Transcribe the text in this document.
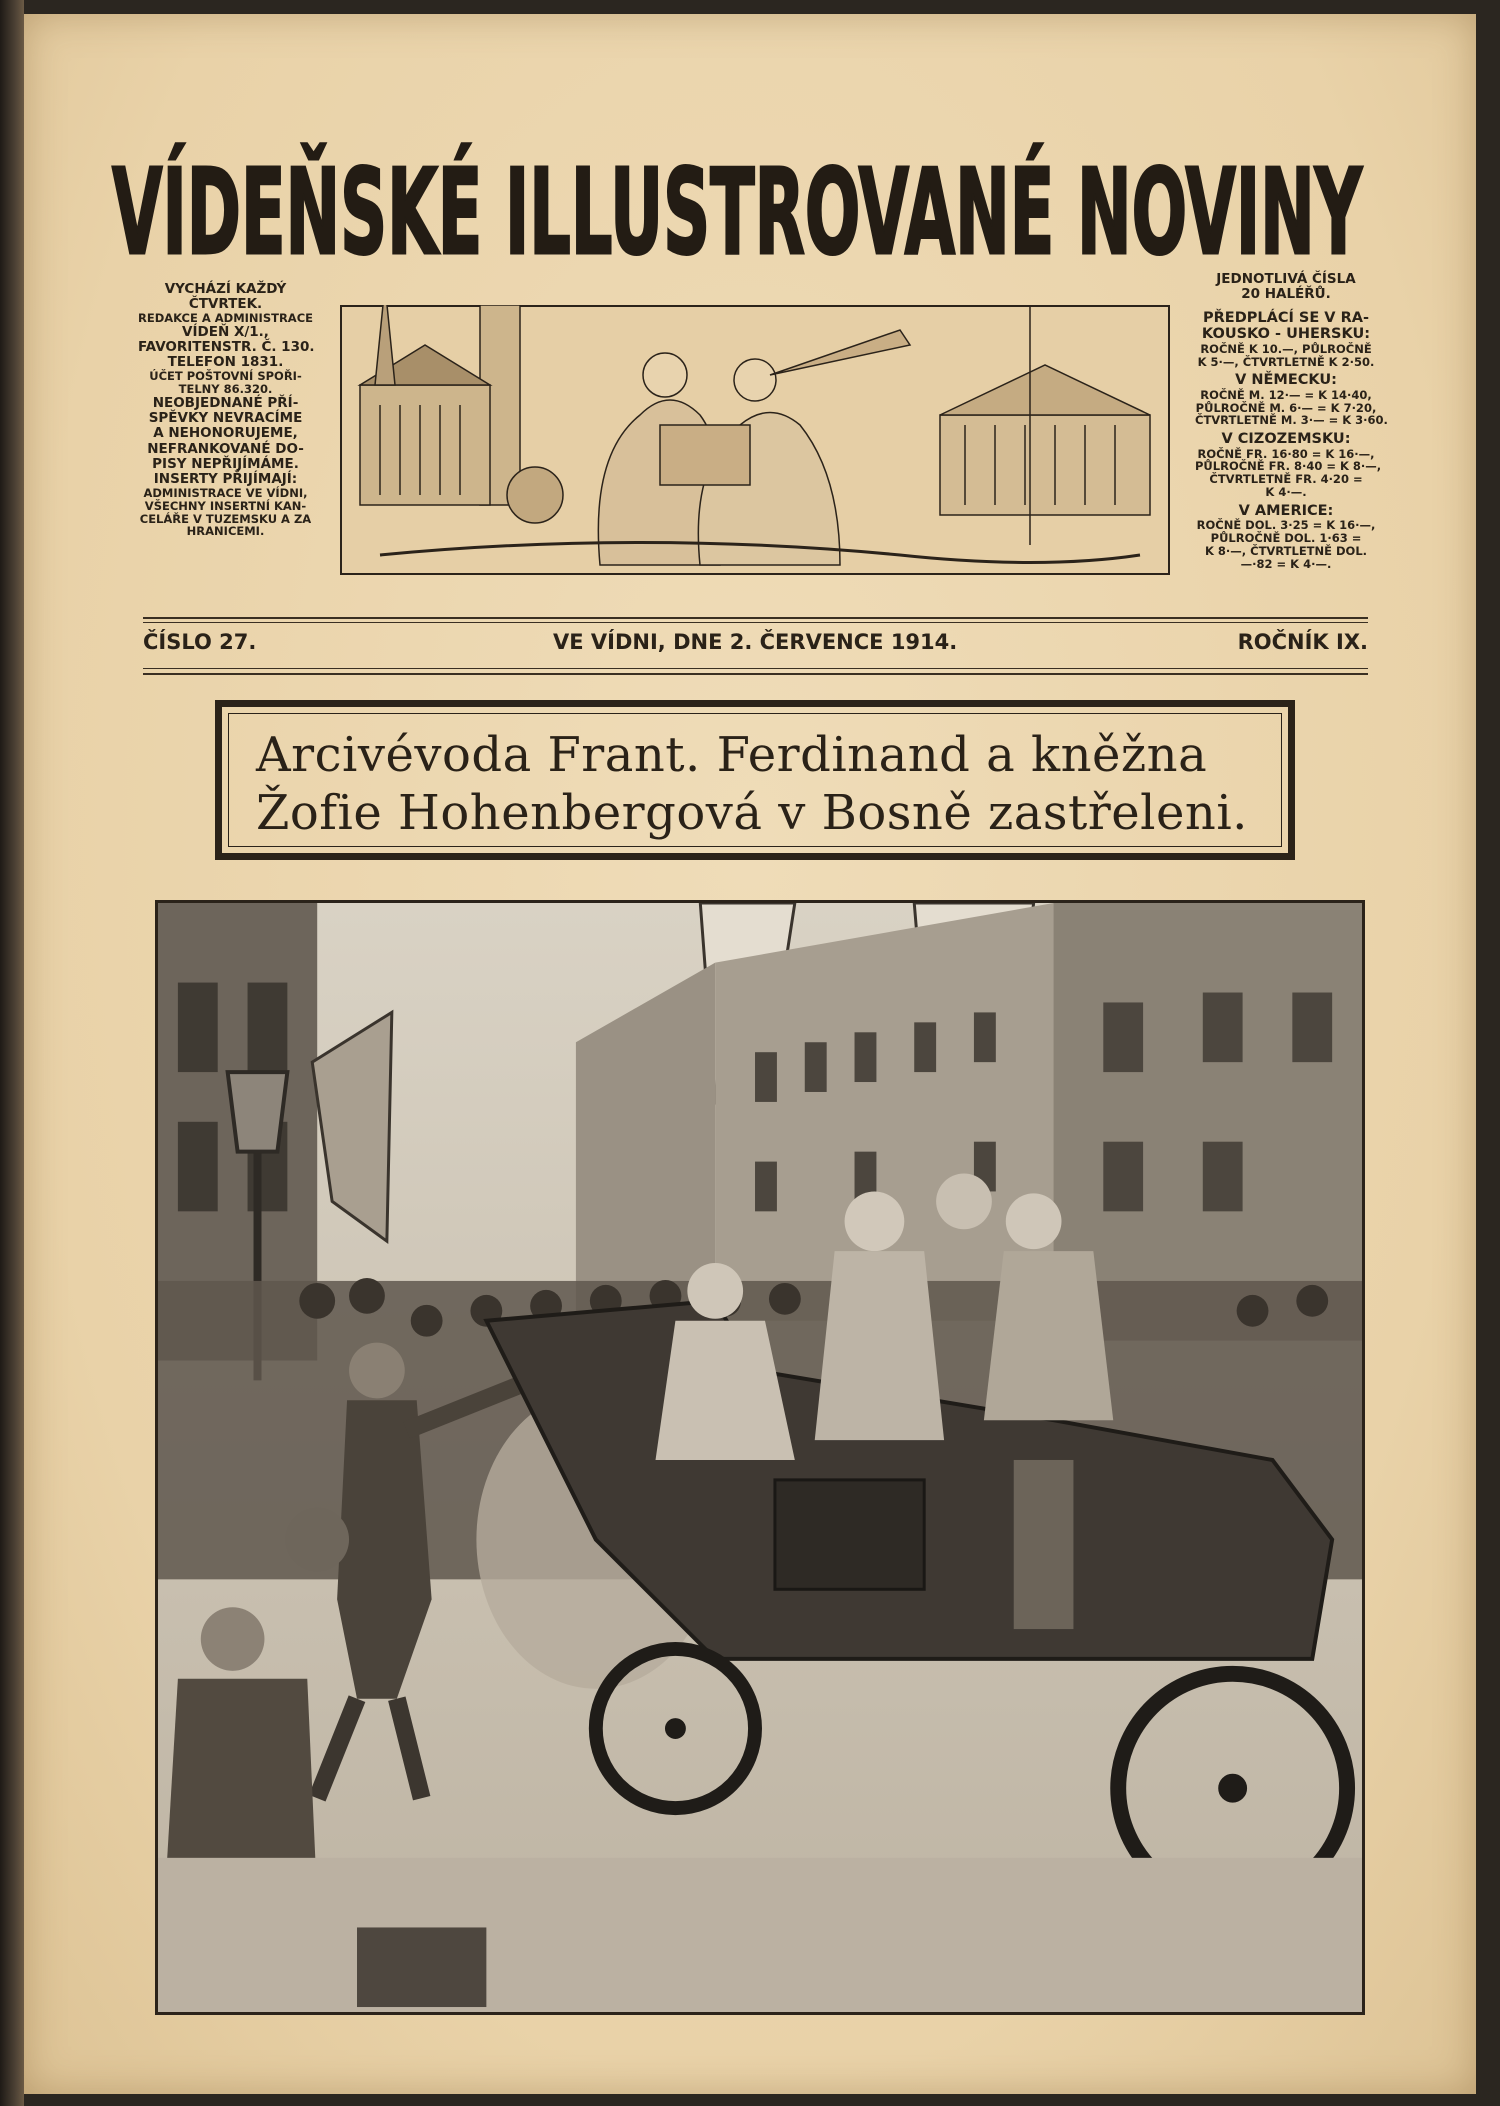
VÍDEŇSKÉ ILLUSTROVANÉ NOVINY
VYCHÁZÍ KAŽDÝ
ČTVRTEK.
REDAKCE A ADMINISTRACE
VÍDEŇ X/1.,
FAVORITENSTR. Č. 130.
TELEFON 1831.
ÚČET POŠTOVNÍ SPOŘI-
TELNY 86.320.
NEOBJEDNANÉ PŘÍ-
SPĚVKY NEVRACÍME
A NEHONORUJEME,
NEFRANKOVANÉ DO-
PISY NEPŘIJÍMÁME.
INSERTY PŘIJÍMAJÍ:
ADMINISTRACE VE VÍDNI,
VŠECHNY INSERTNÍ KAN-
CELÁŘE V TUZEMSKU A ZA
HRANICEMI.
JEDNOTLIVÁ ČÍSLA
20 HALÉŘŮ.
PŘEDPLÁCÍ SE V RA-
KOUSKO - UHERSKU:
ROČNĚ K 10.—, PŮLROČNĚ
K 5·—, ČTVRTLETNĚ K 2·50.
V NĚMECKU:
ROČNĚ M. 12·— = K 14·40,
PŮLROČNĚ M. 6·— = K 7·20,
ČTVRTLETNĚ M. 3·— = K 3·60.
V CIZOZEMSKU:
ROČNĚ FR. 16·80 = K 16·—,
PŮLROČNĚ FR. 8·40 = K 8·—,
ČTVRTLETNĚ FR. 4·20 =
K 4·—.
V AMERICE:
ROČNĚ DOL. 3·25 = K 16·—,
PŮLROČNĚ DOL. 1·63 =
K 8·—, ČTVRTLETNĚ DOL.
—·82 = K 4·—.
ČÍSLO 27.	VE VÍDNI, DNE 2. ČERVENCE 1914.	ROČNÍK IX.
Arcivévoda Frant. Ferdinand a kněžna
Žofie Hohenbergová v Bosně zastřeleni.
